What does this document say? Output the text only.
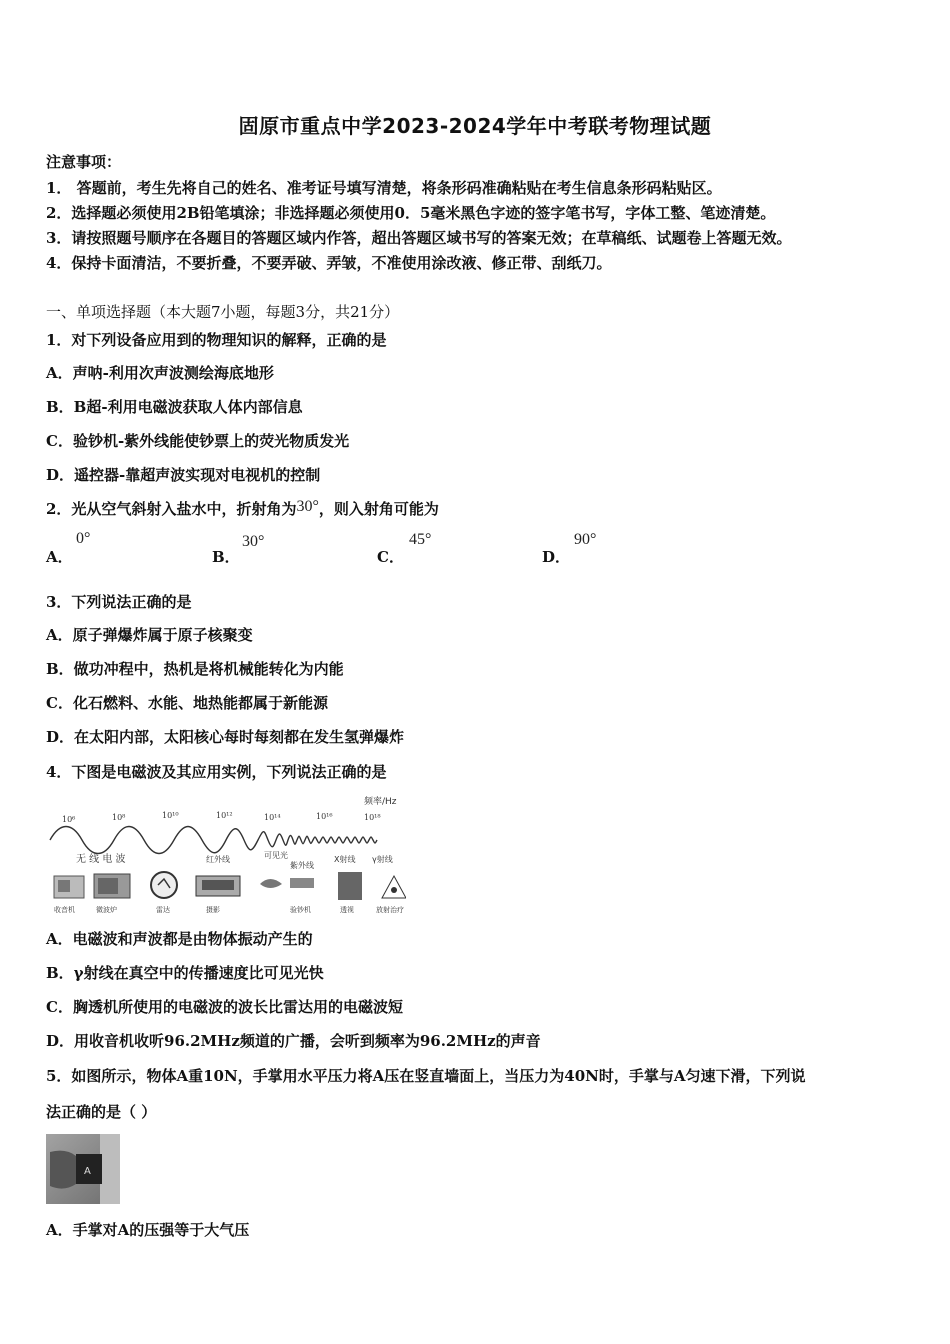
固原市重点中学2023-2024学年中考联考物理试题
注意事项：
1． 答题前，考生先将自己的姓名、准考证号填写清楚，将条形码准确粘贴在考生信息条形码粘贴区。
2．选择题必须使用2B铅笔填涂；非选择题必须使用0．5毫米黑色字迹的签字笔书写，字体工整、笔迹清楚。
3．请按照题号顺序在各题目的答题区域内作答，超出答题区域书写的答案无效；在草稿纸、试题卷上答题无效。
4．保持卡面清洁，不要折叠，不要弄破、弄皱，不准使用涂改液、修正带、刮纸刀。
一、单项选择题（本大题7小题，每题3分，共21分）
1．对下列设备应用到的物理知识的解释，正确的是
A．声呐-利用次声波测绘海底地形
B．B超-利用电磁波获取人体内部信息
C．验钞机-紫外线能使钞票上的荧光物质发光
D．遥控器-靠超声波实现对电视机的控制
2．光从空气斜射入盐水中，折射角为30°，则入射角可能为
A．
0°
B．
30°
C．
45°
D．
90°
3．下列说法正确的是
A．原子弹爆炸属于原子核聚变
B．做功冲程中，热机是将机械能转化为内能
C．化石燃料、水能、地热能都属于新能源
D．在太阳内部，太阳核心每时每刻都在发生氢弹爆炸
4．下图是电磁波及其应用实例，下列说法正确的是
频率/Hz
10⁶	10⁸	10¹⁰	10¹²	10¹⁴	10¹⁶	10¹⁸
无 线 电 波	红外线	可见光
紫外线
X射线 γ射线
收音机	微波炉	雷达	摄影	验钞机	透视	放射治疗
A．电磁波和声波都是由物体振动产生的
B．γ射线在真空中的传播速度比可见光快
C．胸透机所使用的电磁波的波长比雷达用的电磁波短
D．用收音机收听96.2MHz频道的广播，会听到频率为96.2MHz的声音
5．如图所示，物体A重10N，手掌用水平压力将A压在竖直墙面上，当压力为40N时，手掌与A匀速下滑，下列说
法正确的是（ ）
A
A．手掌对A的压强等于大气压
